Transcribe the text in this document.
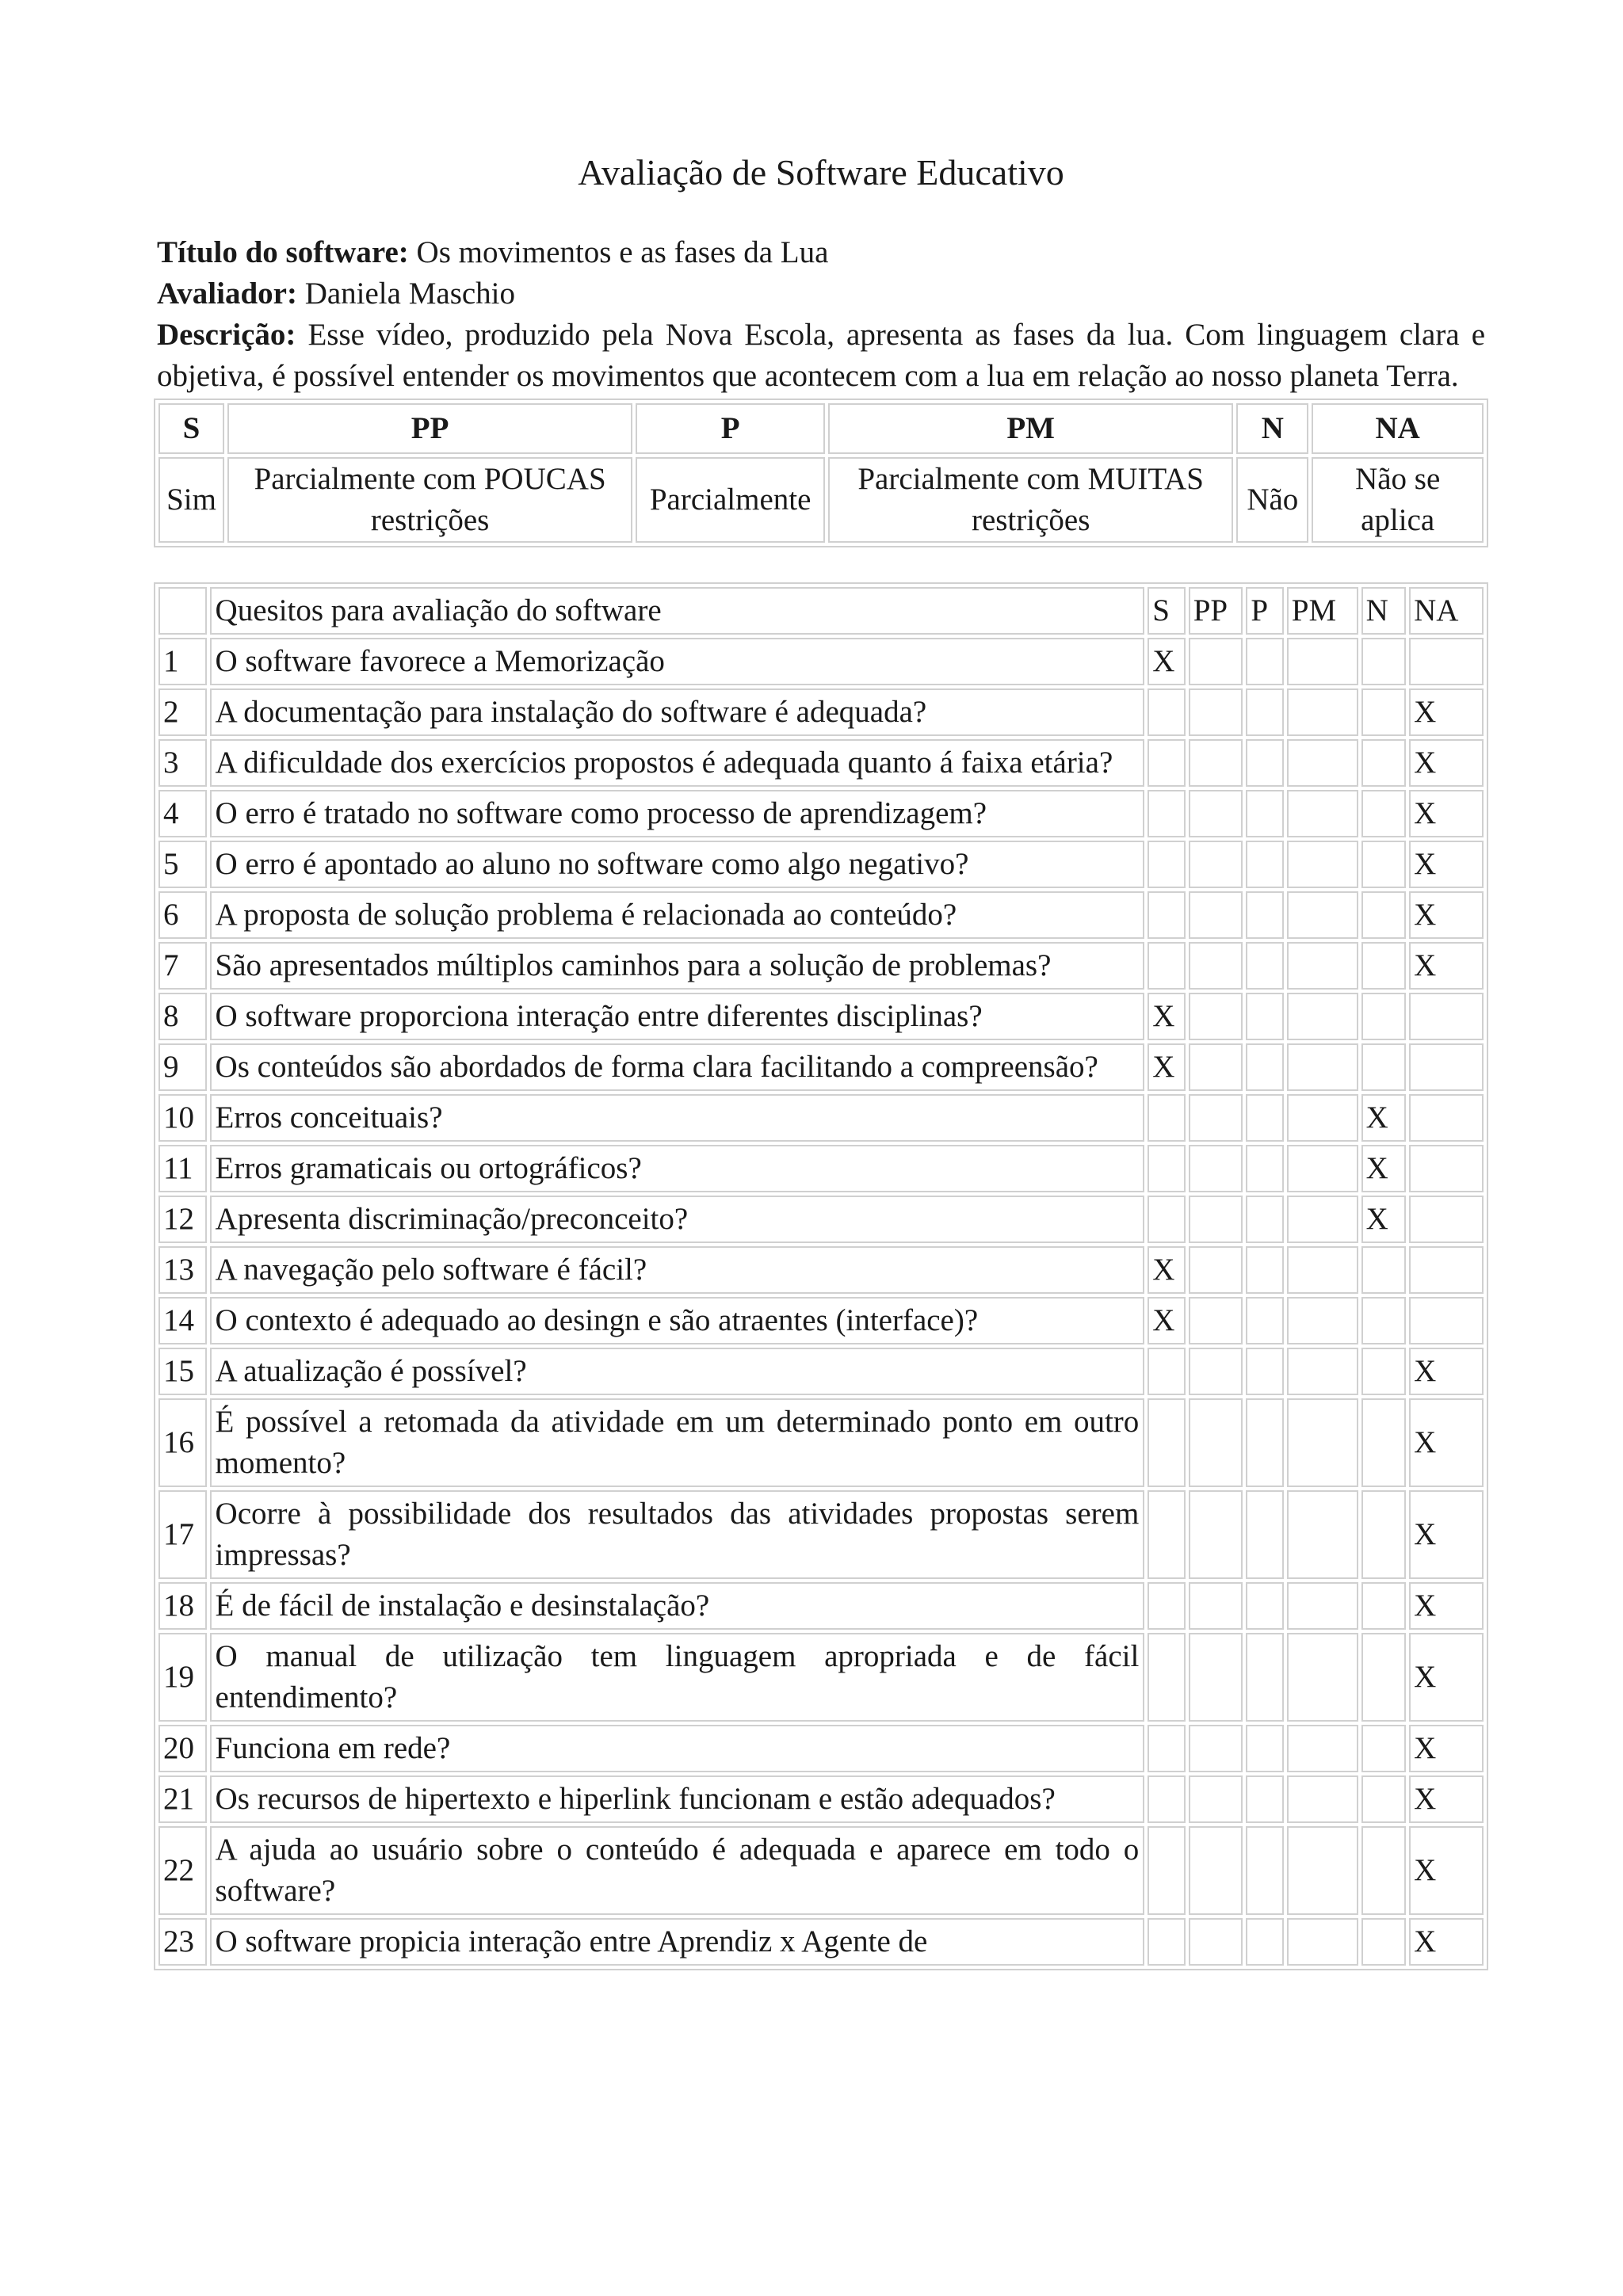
Avaliação de Software Educativo

Título do software: Os movimentos e as fases da Lua

Avaliador: Daniela Maschio

Descrição: Esse vídeo, produzido pela Nova Escola, apresenta as fases da lua. Com linguagem clara e objetiva, é possível entender os movimentos que acontecem com a lua em relação ao nosso planeta Terra.

S	PP	P	PM	N	NA
Sim	Parcialmente com POUCAS restrições	Parcialmente	Parcialmente com MUITAS restrições	Não	Não se aplica
	Quesitos para avaliação do software	S	PP	P	PM	N	NA
1	O software favorece a Memorização	X					
2	A documentação para instalação do software é adequada?						X
3	A dificuldade dos exercícios propostos é adequada quanto á faixa etária?						X
4	O erro é tratado no software como processo de aprendizagem?						X
5	O erro é apontado ao aluno no software como algo negativo?						X
6	A proposta de solução problema é relacionada ao conteúdo?						X
7	São apresentados múltiplos caminhos para a solução de problemas?						X
8	O software proporciona interação entre diferentes disciplinas?	X					
9	Os conteúdos são abordados de forma clara facilitando a compreensão?	X					
10	Erros conceituais?					X	
11	Erros gramaticais ou ortográficos?					X	
12	Apresenta discriminação/preconceito?					X	
13	A navegação pelo software é fácil?	X					
14	O contexto é adequado ao desingn e são atraentes (interface)?	X					
15	A atualização é possível?						X
16	É possível a retomada da atividade em um determinado ponto em outro momento?						X
17	Ocorre à possibilidade dos resultados das atividades propostas serem impressas?						X
18	É de fácil de instalação e desinstalação?						X
19	O manual de utilização tem linguagem apropriada e de fácil entendimento?						X
20	Funciona em rede?						X
21	Os recursos de hipertexto e hiperlink funcionam e estão adequados?						X
22	A ajuda ao usuário sobre o conteúdo é adequada e aparece em todo o software?						X
23	O software propicia interação entre Aprendiz x Agente de						X
